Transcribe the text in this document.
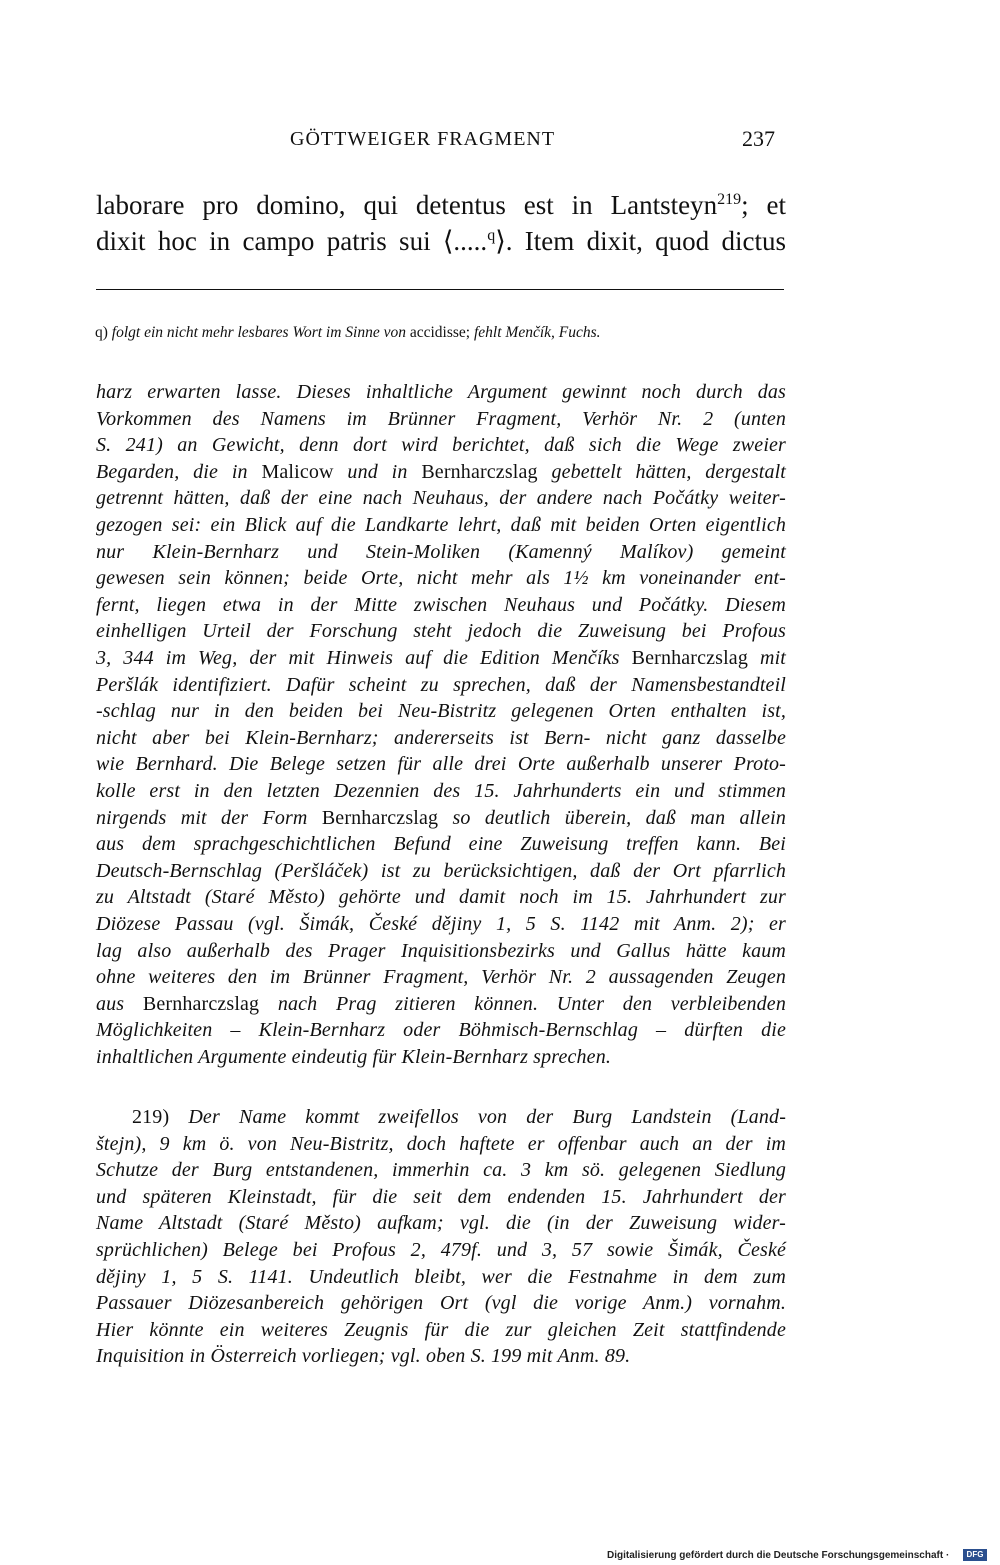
GÖTTWEIGER FRAGMENT	237
laborare pro domino, qui detentus est in Lantsteyn$^{219}$; et
dixit hoc in campo patris sui ⟨.....$^q$⟩. Item dixit, quod dictus
q) folgt ein nicht mehr lesbares Wort im Sinne von accidisse; fehlt Menčík, Fuchs.
harz erwarten lasse. Dieses inhaltliche Argument gewinnt noch durch das
Vorkommen des Namens im Brünner Fragment, Verhör Nr. 2 (unten
S. 241) an Gewicht, denn dort wird berichtet, daß sich die Wege zweier
Begarden, die in Malicow und in Bernharczslag gebettelt hätten, dergestalt
getrennt hätten, daß der eine nach Neuhaus, der andere nach Počátky weiter-
gezogen sei: ein Blick auf die Landkarte lehrt, daß mit beiden Orten eigentlich
nur Klein-Bernharz und Stein-Moliken (Kamenný Malíkov) gemeint
gewesen sein können; beide Orte, nicht mehr als 1½ km voneinander ent-
fernt, liegen etwa in der Mitte zwischen Neuhaus und Počátky. Diesem
einhelligen Urteil der Forschung steht jedoch die Zuweisung bei Profous
3, 344 im Weg, der mit Hinweis auf die Edition Menčíks Bernharczslag mit
Peršlák identifiziert. Dafür scheint zu sprechen, daß der Namensbestandteil
-schlag nur in den beiden bei Neu-Bistritz gelegenen Orten enthalten ist,
nicht aber bei Klein-Bernharz; andererseits ist Bern- nicht ganz dasselbe
wie Bernhard. Die Belege setzen für alle drei Orte außerhalb unserer Proto-
kolle erst in den letzten Dezennien des 15. Jahrhunderts ein und stimmen
nirgends mit der Form Bernharczslag so deutlich überein, daß man allein
aus dem sprachgeschichtlichen Befund eine Zuweisung treffen kann. Bei
Deutsch-Bernschlag (Peršláček) ist zu berücksichtigen, daß der Ort pfarrlich
zu Altstadt (Staré Město) gehörte und damit noch im 15. Jahrhundert zur
Diözese Passau (vgl. Šimák, České dějiny 1, 5 S. 1142 mit Anm. 2); er
lag also außerhalb des Prager Inquisitionsbezirks und Gallus hätte kaum
ohne weiteres den im Brünner Fragment, Verhör Nr. 2 aussagenden Zeugen
aus Bernharczslag nach Prag zitieren können. Unter den verbleibenden
Möglichkeiten – Klein-Bernharz oder Böhmisch-Bernschlag – dürften die
inhaltlichen Argumente eindeutig für Klein-Bernharz sprechen.
219) Der Name kommt zweifellos von der Burg Landstein (Land-
štejn), 9 km ö. von Neu-Bistritz, doch haftete er offenbar auch an der im
Schutze der Burg entstandenen, immerhin ca. 3 km sö. gelegenen Siedlung
und späteren Kleinstadt, für die seit dem endenden 15. Jahrhundert der
Name Altstadt (Staré Město) aufkam; vgl. die (in der Zuweisung wider-
sprüchlichen) Belege bei Profous 2, 479f. und 3, 57 sowie Šimák, České
dějiny 1, 5 S. 1141. Undeutlich bleibt, wer die Festnahme in dem zum
Passauer Diözesanbereich gehörigen Ort (vgl die vorige Anm.) vornahm.
Hier könnte ein weiteres Zeugnis für die zur gleichen Zeit stattfindende
Inquisition in Österreich vorliegen; vgl. oben S. 199 mit Anm. 89.
Digitalisierung gefördert durch die Deutsche Forschungsgemeinschaft ·	DFG
